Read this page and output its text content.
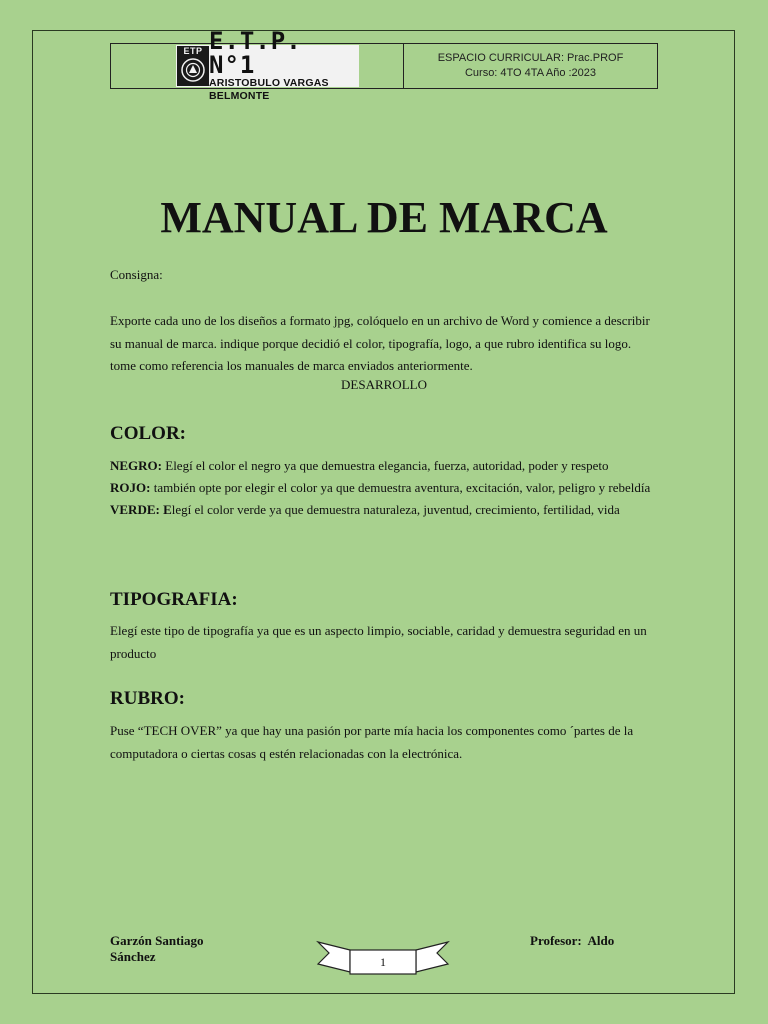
ETP E.T.P. N°1
ARISTOBULO VARGAS BELMONTE
ESPACIO CURRICULAR: Prac.PROF
Curso: 4TO 4TA Año :2023
MANUAL DE MARCA

Consigna:

Exporte cada uno de los diseños a formato jpg, colóquelo en un archivo de Word y comience a describir su manual de marca. indique porque decidió el color, tipografía, logo, a que rubro identifica su logo. tome como referencia los manuales de marca enviados anteriormente.

DESARROLLO
COLOR:

NEGRO: Elegí el color el negro ya que demuestra elegancia, fuerza, autoridad, poder y respeto
ROJO: también opte por elegir el color ya que demuestra aventura, excitación, valor, peligro y rebeldía
VERDE: Elegí el color verde ya que demuestra naturaleza, juventud, crecimiento, fertilidad, vida

TIPOGRAFIA:

Elegí este tipo de tipografía ya que es un aspecto limpio, sociable, caridad y demuestra seguridad en un producto

RUBRO:

Puse “TECH OVER” ya que hay una pasión por parte mía hacia los componentes como ´partes de la computadora o ciertas cosas q estén relacionadas con la electrónica.

Garzón Santiago
Sánchez
Profesor:  Aldo
1
